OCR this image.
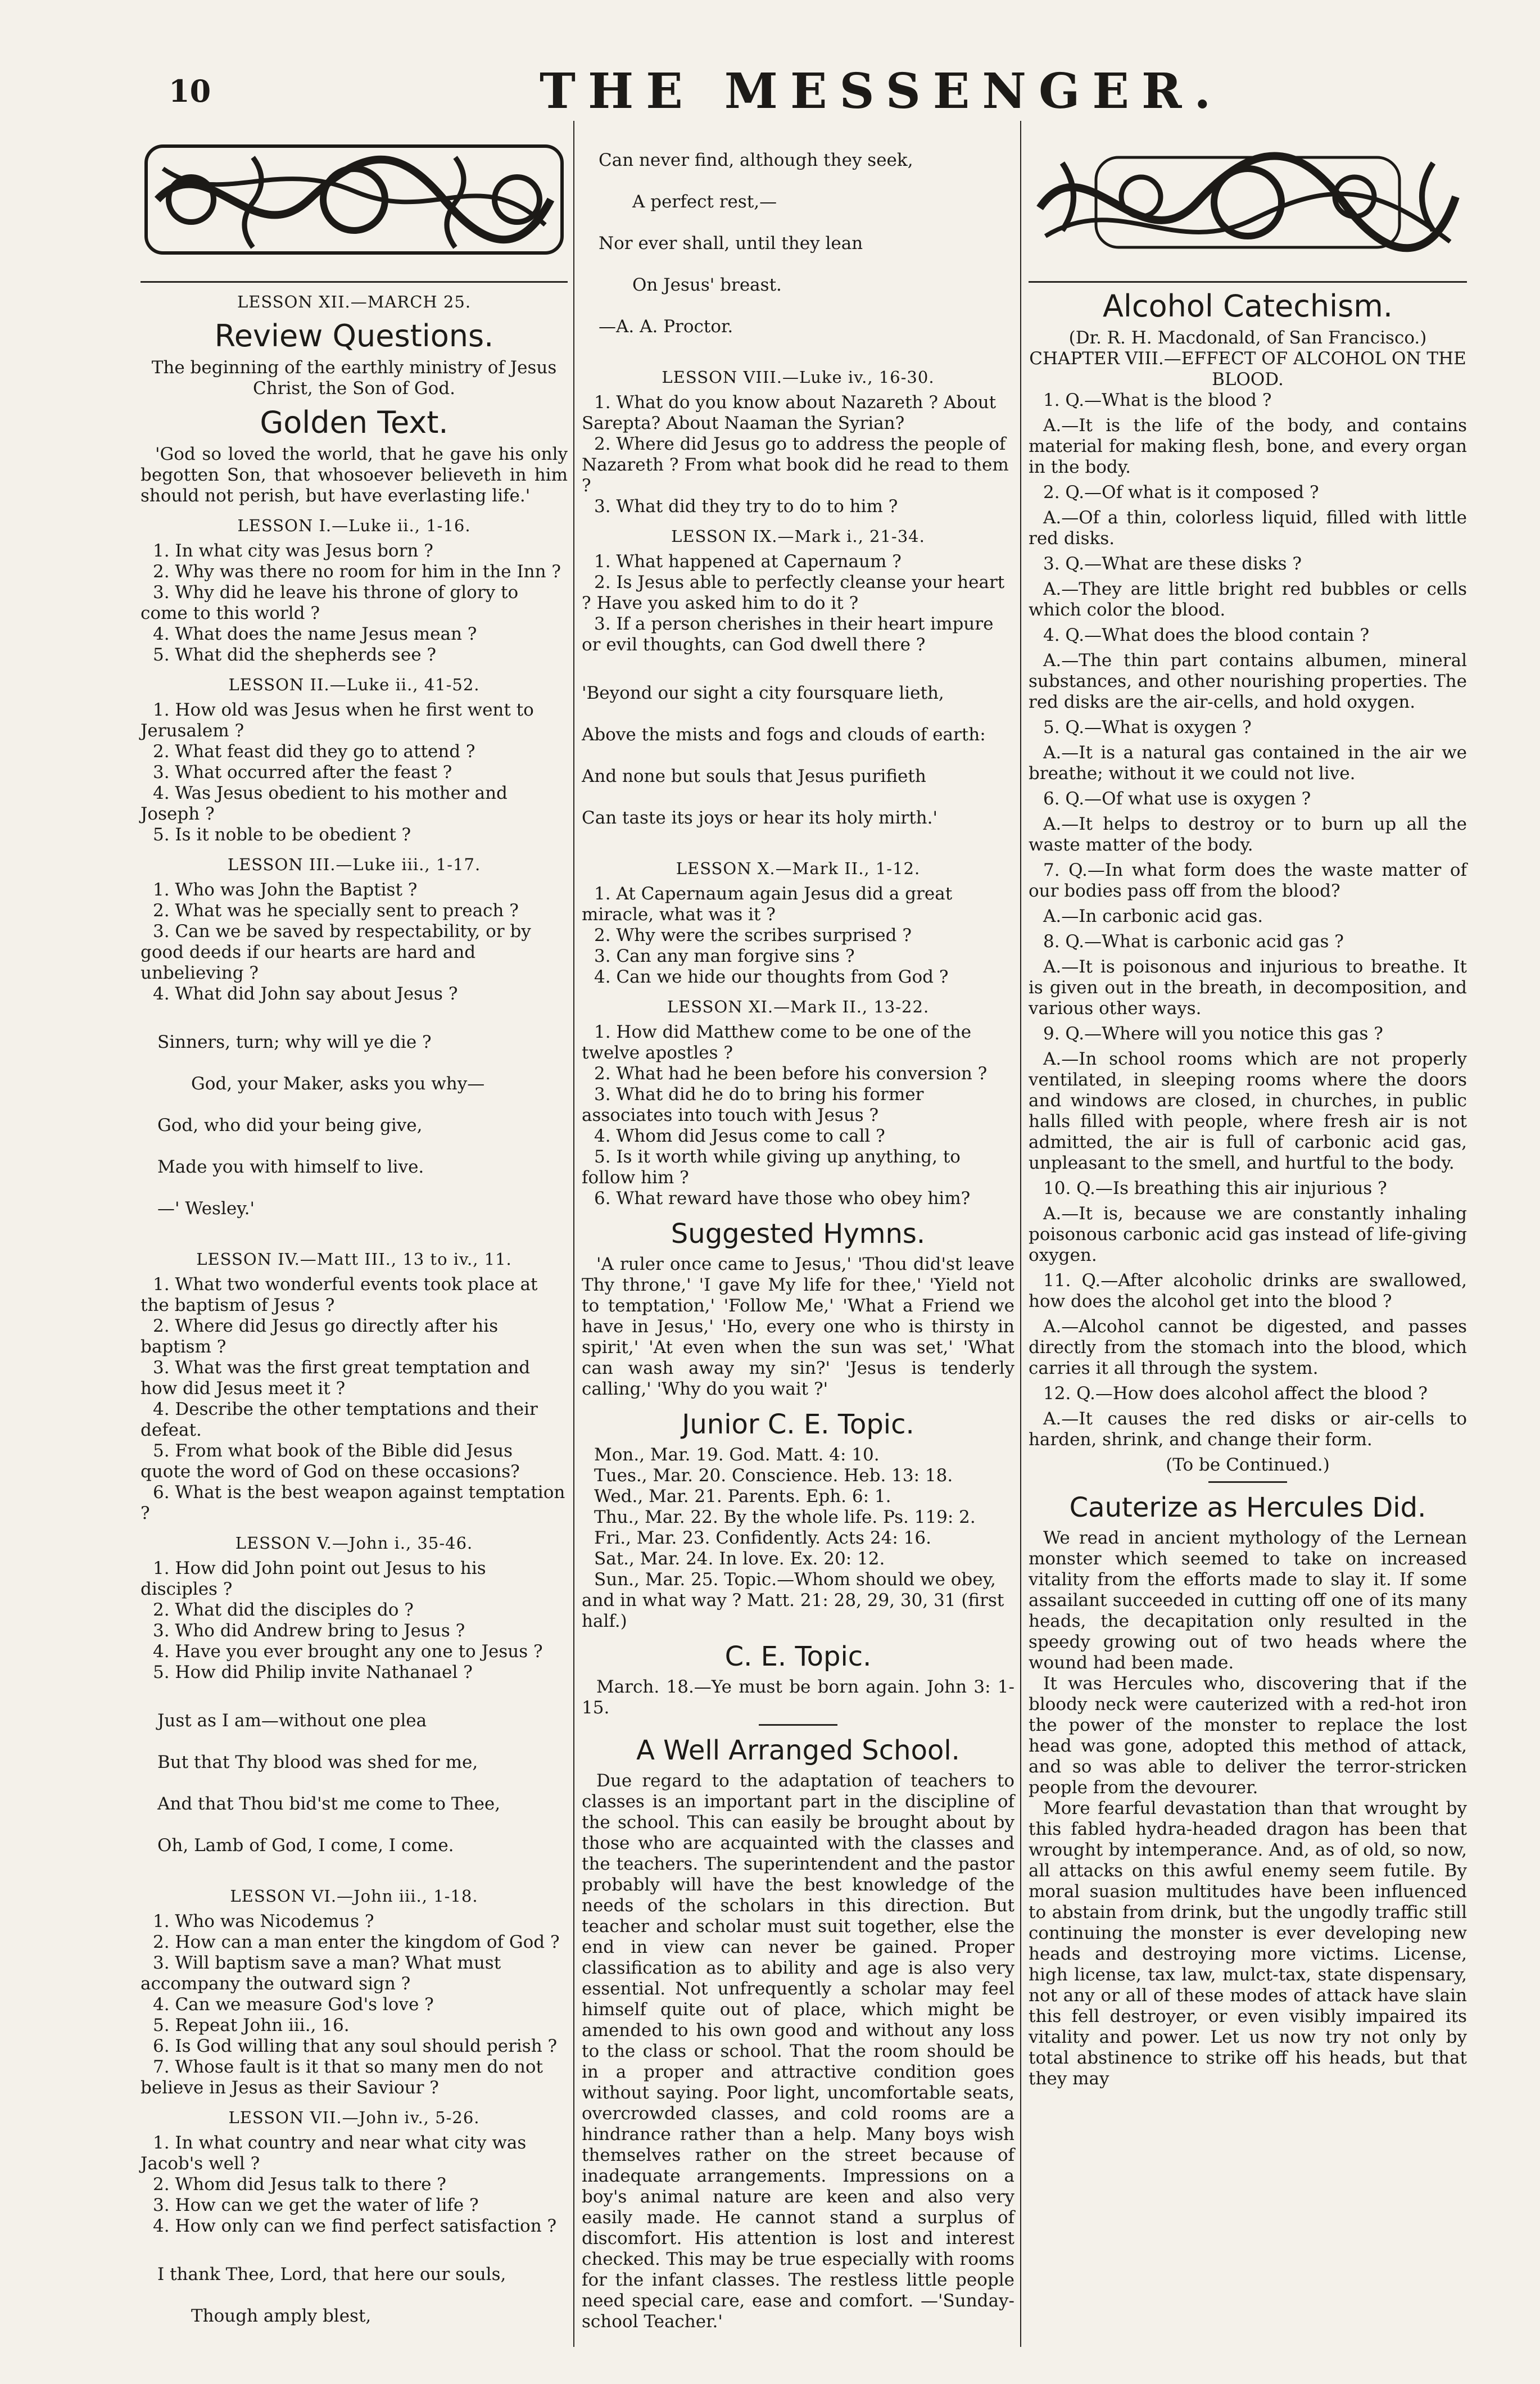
10	THE MESSENGER.
LESSON XII.—MARCH 25.
Review Questions.
The beginning of the earthly ministry of Jesus Christ, the Son of God.
Golden Text.
'God so loved the world, that he gave his only begotten Son, that whosoever believeth in him should not perish, but have everlasting life.'
LESSON I.—Luke ii., 1-16.

1. In what city was Jesus born ?

2. Why was there no room for him in the Inn ?

3. Why did he leave his throne of glory to come to this world ?

4. What does the name Jesus mean ?

5. What did the shepherds see ?

LESSON II.—Luke ii., 41-52.

1. How old was Jesus when he first went to Jerusalem ?

2. What feast did they go to attend ?

3. What occurred after the feast ?

4. Was Jesus obedient to his mother and Joseph ?

5. Is it noble to be obedient ?

LESSON III.—Luke iii., 1-17.

1. Who was John the Baptist ?

2. What was he specially sent to preach ?

3. Can we be saved by respectability, or by good deeds if our hearts are hard and unbelieving ?

4. What did John say about Jesus ?

Sinners, turn; why will ye die ?

God, your Maker, asks you why—

God, who did your being give,

Made you with himself to live.

—' Wesley.'

LESSON IV.—Matt III., 13 to iv., 11.

1. What two wonderful events took place at the baptism of Jesus ?

2. Where did Jesus go directly after his baptism ?

3. What was the first great temptation and how did Jesus meet it ?

4. Describe the other temptations and their defeat.

5. From what book of the Bible did Jesus quote the word of God on these occasions?

6. What is the best weapon against temptation ?

LESSON V.—John i., 35-46.

1. How did John point out Jesus to his disciples ?

2. What did the disciples do ?

3. Who did Andrew bring to Jesus ?

4. Have you ever brought any one to Jesus ?

5. How did Philip invite Nathanael ?

Just as I am—without one plea

But that Thy blood was shed for me,

And that Thou bid'st me come to Thee,

Oh, Lamb of God, I come, I come.

LESSON VI.—John iii., 1-18.

1. Who was Nicodemus ?

2. How can a man enter the kingdom of God ?

3. Will baptism save a man? What must accompany the outward sign ?

4. Can we measure God's love ?

5. Repeat John iii., 16.

6. Is God willing that any soul should perish ?

7. Whose fault is it that so many men do not believe in Jesus as their Saviour ?

LESSON VII.—John iv., 5-26.

1. In what country and near what city was Jacob's well ?

2. Whom did Jesus talk to there ?

3. How can we get the water of life ?

4. How only can we find perfect satisfaction ?

I thank Thee, Lord, that here our souls,

Though amply blest,

Can never find, although they seek,

A perfect rest,—

Nor ever shall, until they lean

On Jesus' breast.

—A. A. Proctor.

LESSON VIII.—Luke iv., 16-30.

1. What do you know about Nazareth ? About Sarepta? About Naaman the Syrian?

2. Where did Jesus go to address the people of Nazareth ? From what book did he read to them ?

3. What did they try to do to him ?

LESSON IX.—Mark i., 21-34.

1. What happened at Capernaum ?

2. Is Jesus able to perfectly cleanse your heart ? Have you asked him to do it ?

3. If a person cherishes in their heart impure or evil thoughts, can God dwell there ?

'Beyond our sight a city foursquare lieth,

Above the mists and fogs and clouds of earth:

And none but souls that Jesus purifieth

Can taste its joys or hear its holy mirth.'

LESSON X.—Mark II., 1-12.

1. At Capernaum again Jesus did a great miracle, what was it ?

2. Why were the scribes surprised ?

3. Can any man forgive sins ?

4. Can we hide our thoughts from God ?

LESSON XI.—Mark II., 13-22.

1. How did Matthew come to be one of the twelve apostles ?

2. What had he been before his conversion ?

3. What did he do to bring his former associates into touch with Jesus ?

4. Whom did Jesus come to call ?

5. Is it worth while giving up anything, to follow him ?

6. What reward have those who obey him?

Suggested Hymns.
'A ruler once came to Jesus,' 'Thou did'st leave Thy throne,' 'I gave My life for thee,' 'Yield not to temptation,' 'Follow Me,' 'What a Friend we have in Jesus,' 'Ho, every one who is thirsty in spirit,' 'At even when the sun was set,' 'What can wash away my sin?' 'Jesus is tenderly calling,' 'Why do you wait ?'
Junior C. E. Topic.
Mon., Mar. 19. God. Matt. 4: 10.
Tues., Mar. 20. Conscience. Heb. 13: 18.
Wed., Mar. 21. Parents. Eph. 6: 1.
Thu., Mar. 22. By the whole life. Ps. 119: 2.
Fri., Mar. 23. Confidently. Acts 24: 16.
Sat., Mar. 24. In love. Ex. 20: 12.
Sun., Mar. 25. Topic.—Whom should we obey, and in what way ? Matt. 21: 28, 29, 30, 31 (first half.)
C. E. Topic.
March. 18.—Ye must be born again. John 3: 1-15.
A Well Arranged School.
Due regard to the adaptation of teachers to classes is an important part in the discipline of the school. This can easily be brought about by those who are acquainted with the classes and the teachers. The superintendent and the pastor probably will have the best knowledge of the needs of the scholars in this direction. But teacher and scholar must suit together, else the end in view can never be gained. Proper classification as to ability and age is also very essential. Not unfrequently a scholar may feel himself quite out of place, which might be amended to his own good and without any loss to the class or school. That the room should be in a proper and attractive condition goes without saying. Poor light, uncomfortable seats, overcrowded classes, and cold rooms are a hindrance rather than a help. Many boys wish themselves rather on the street because of inadequate arrangements. Impressions on a boy's animal nature are keen and also very easily made. He cannot stand a surplus of discomfort. His attention is lost and interest checked. This may be true especially with rooms for the infant classes. The restless little people need special care, ease and comfort. —'Sunday-school Teacher.'
Alcohol Catechism.
(Dr. R. H. Macdonald, of San Francisco.)
CHAPTER VIII.—EFFECT OF ALCOHOL ON THE BLOOD.

1. Q.—What is the blood ?

A.—It is the life of the body, and contains material for making flesh, bone, and every organ in the body.

2. Q.—Of what is it composed ?

A.—Of a thin, colorless liquid, filled with little red disks.

3. Q.—What are these disks ?

A.—They are little bright red bubbles or cells which color the blood.

4. Q.—What does the blood contain ?

A.—The thin part contains albumen, mineral substances, and other nourishing properties. The red disks are the air-cells, and hold oxygen.

5. Q.—What is oxygen ?

A.—It is a natural gas contained in the air we breathe; without it we could not live.

6. Q.—Of what use is oxygen ?

A.—It helps to destroy or to burn up all the waste matter of the body.

7. Q.—In what form does the waste matter of our bodies pass off from the blood?

A.—In carbonic acid gas.

8. Q.—What is carbonic acid gas ?

A.—It is poisonous and injurious to breathe. It is given out in the breath, in decomposition, and various other ways.

9. Q.—Where will you notice this gas ?

A.—In school rooms which are not properly ventilated, in sleeping rooms where the doors and windows are closed, in churches, in public halls filled with people, where fresh air is not admitted, the air is full of carbonic acid gas, unpleasant to the smell, and hurtful to the body.

10. Q.—Is breathing this air injurious ?

A.—It is, because we are constantly inhaling poisonous carbonic acid gas instead of life-giving oxygen.

11. Q.—After alcoholic drinks are swallowed, how does the alcohol get into the blood ?

A.—Alcohol cannot be digested, and passes directly from the stomach into the blood, which carries it all through the system.

12. Q.—How does alcohol affect the blood ?

A.—It causes the red disks or air-cells to harden, shrink, and change their form.

(To be Continued.)
Cauterize as Hercules Did.

We read in ancient mythology of the Lernean monster which seemed to take on increased vitality from the efforts made to slay it. If some assailant succeeded in cutting off one of its many heads, the decapitation only resulted in the speedy growing out of two heads where the wound had been made.

It was Hercules who, discovering that if the bloody neck were cauterized with a red-hot iron the power of the monster to replace the lost head was gone, adopted this method of attack, and so was able to deliver the terror-stricken people from the devourer.

More fearful devastation than that wrought by this fabled hydra-headed dragon has been that wrought by intemperance. And, as of old, so now, all attacks on this awful enemy seem futile. By moral suasion multitudes have been influenced to abstain from drink, but the ungodly traffic still continuing the monster is ever developing new heads and destroying more victims. License, high license, tax law, mulct-tax, state dispensary, not any or all of these modes of attack have slain this fell destroyer, or even visibly impaired its vitality and power. Let us now try not only by total abstinence to strike off his heads, but that they may
